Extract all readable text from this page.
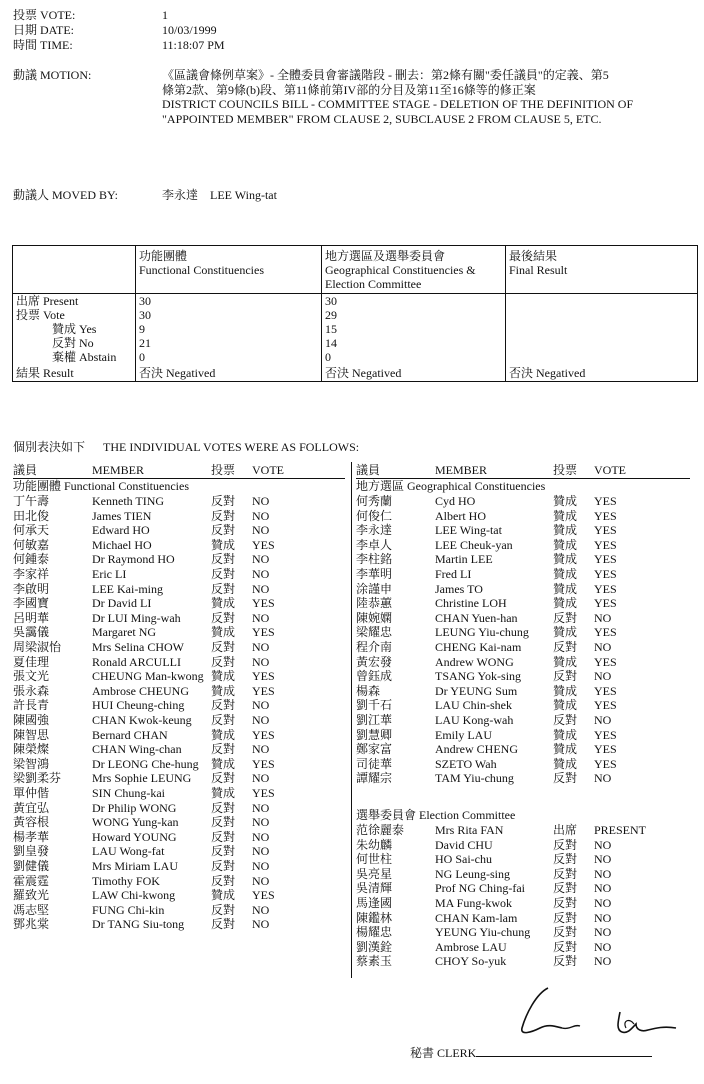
投票 VOTE:	1
日期 DATE:	10/03/1999
時間 TIME:	11:18:07 PM
動議 MOTION:	《區議會條例草案》- 全體委員會審議階段 - 刪去：第2條有關"委任議員"的定義、第5
條第2款、第9條(b)段、第11條前第IV部的分目及第11至16條等的修正案
DISTRICT COUNCILS BILL - COMMITTEE STAGE - DELETION OF THE DEFINITION OF
"APPOINTED MEMBER" FROM CLAUSE 2, SUBCLAUSE 2 FROM CLAUSE 5, ETC.
動議人 MOVED BY:	李永達    LEE Wing-tat
功能團體
Functional Constituencies
地方選區及選舉委員會
Geographical Constituencies &
Election Committee
最後結果
Final Result
出席 Present	30	30
投票 Vote	30	29
贊成 Yes	9	15
反對 No	21	14
棄權 Abstain 0	0
結果 Result	否決 Negatived	否決 Negatived	否決 Negatived
個別表決如下      THE INDIVIDUAL VOTES WERE AS FOLLOWS:
議員	MEMBER	投票 VOTE	議員	MEMBER	投票 VOTE
功能團體 Functional Constituencies	地方選區 Geographical Constituencies
選舉委員會 Election Committee
丁午壽	Kenneth TING	反對 NO
田北俊	James TIEN	反對 NO
何承天	Edward HO	反對 NO
何敏嘉	Michael HO	贊成 YES
何鍾泰	Dr Raymond HO	反對 NO
李家祥	Eric LI	反對 NO
李啟明	LEE Kai-ming	反對 NO
李國寶	Dr David LI	贊成 YES
呂明華	Dr LUI Ming-wah	反對 NO
吳靄儀	Margaret NG	贊成 YES
周梁淑怡	Mrs Selina CHOW 反對 NO
夏佳理	Ronald ARCULLI	反對 NO
張文光	CHEUNG Man-kwong 贊成 YES
張永森	Ambrose CHEUNG 贊成 YES
許長青	HUI Cheung-ching 反對 NO
陳國強	CHAN Kwok-keung 反對 NO
陳智思	Bernard CHAN	贊成 YES
陳榮燦	CHAN Wing-chan 反對 NO
梁智鴻	Dr LEONG Che-hung 贊成 YES
梁劉柔芬	Mrs Sophie LEUNG 反對 NO
單仲偕	SIN Chung-kai	贊成 YES
黃宜弘	Dr Philip WONG	反對 NO
黃容根	WONG Yung-kan	反對 NO
楊孝華	Howard YOUNG	反對 NO
劉皇發	LAU Wong-fat	反對 NO
劉健儀	Mrs Miriam LAU	反對 NO
霍震霆	Timothy FOK	反對 NO
羅致光	LAW Chi-kwong	贊成 YES
馮志堅	FUNG Chi-kin	反對 NO
鄧兆棠	Dr TANG Siu-tong 反對 NO
何秀蘭	Cyd HO	贊成 YES
何俊仁	Albert HO	贊成 YES
李永達	LEE Wing-tat	贊成 YES
李卓人	LEE Cheuk-yan	贊成 YES
李柱銘	Martin LEE	贊成 YES
李華明	Fred LI	贊成 YES
涂謹申	James TO	贊成 YES
陸恭蕙	Christine LOH	贊成 YES
陳婉嫻	CHAN Yuen-han	反對 NO
梁耀忠	LEUNG Yiu-chung 贊成 YES
程介南	CHENG Kai-nam	反對 NO
黃宏發	Andrew WONG	贊成 YES
曾鈺成	TSANG Yok-sing	反對 NO
楊森	Dr YEUNG Sum	贊成 YES
劉千石	LAU Chin-shek	贊成 YES
劉江華	LAU Kong-wah	反對 NO
劉慧卿	Emily LAU	贊成 YES
鄭家富	Andrew CHENG	贊成 YES
司徒華	SZETO Wah	贊成 YES
譚耀宗	TAM Yiu-chung	反對 NO
范徐麗泰	Mrs Rita FAN	出席 PRESENT
朱幼麟	David CHU	反對 NO
何世柱	HO Sai-chu	反對 NO
吳亮星	NG Leung-sing	反對 NO
吳清輝	Prof NG Ching-fai 反對 NO
馬逢國	MA Fung-kwok	反對 NO
陳鑑林	CHAN Kam-lam	反對 NO
楊耀忠	YEUNG Yiu-chung 反對 NO
劉漢銓	Ambrose LAU	反對 NO
蔡素玉	CHOY So-yuk	反對 NO
秘書 CLERK
